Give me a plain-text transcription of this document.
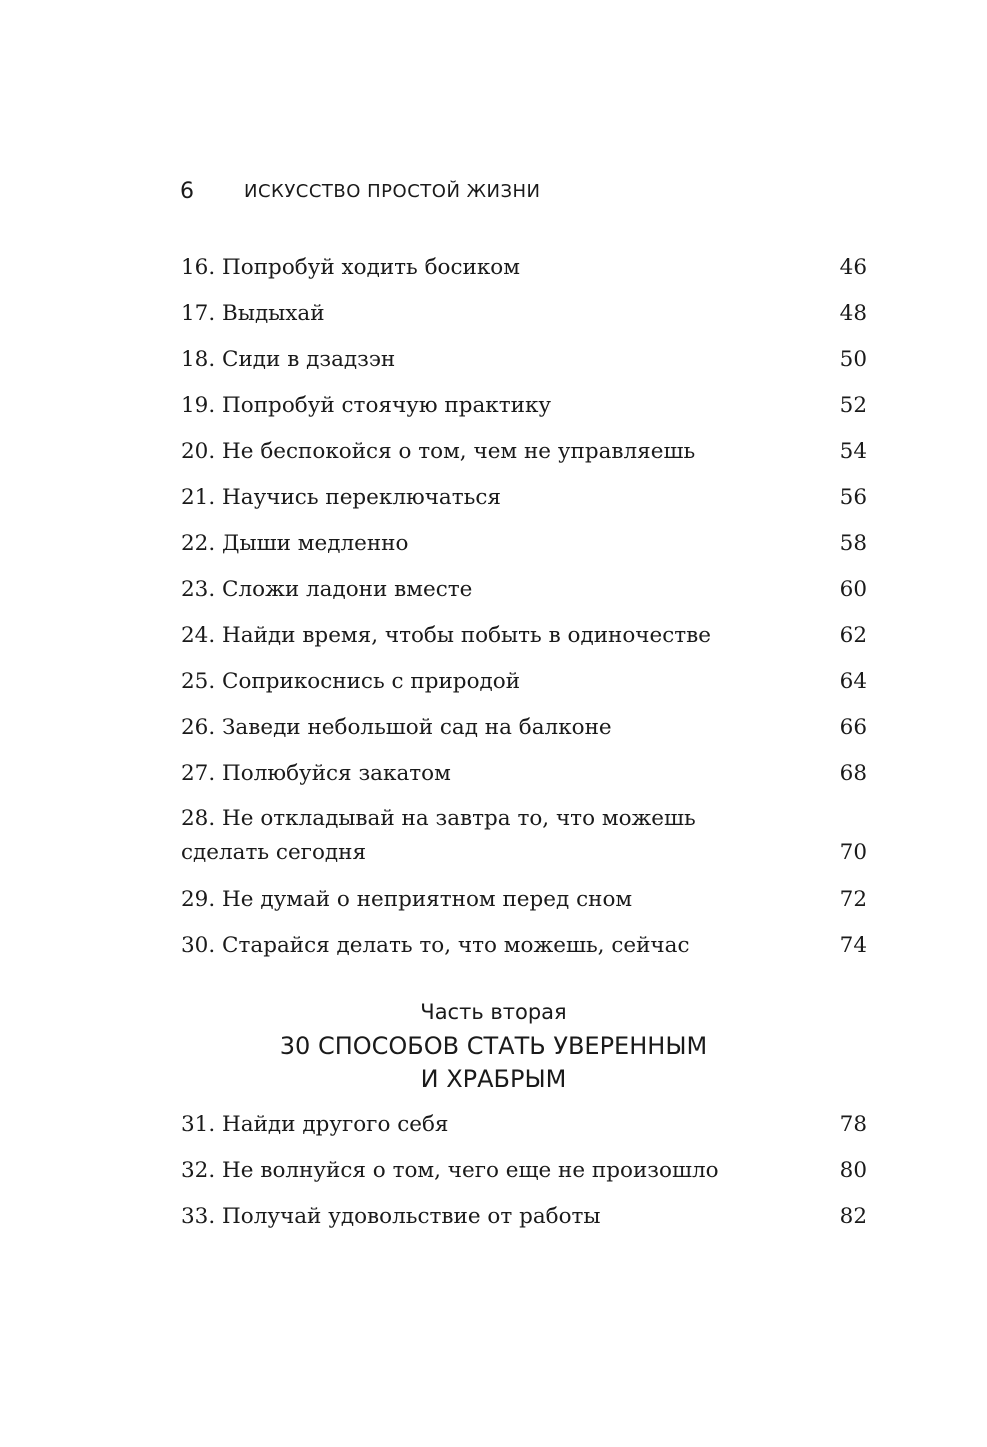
6	ИСКУССТВО ПРОСТОЙ ЖИЗНИ
16. Попробуй ходить босиком	46
17. Выдыхай	48
18. Сиди в дзадзэн	50
19. Попробуй стоячую практику	52
20. Не беспокойся о том, чем не управляешь	54
21. Научись переключаться	56
22. Дыши медленно	58
23. Сложи ладони вместе	60
24. Найди время, чтобы побыть в одиночестве	62
25. Соприкоснись с природой	64
26. Заведи небольшой сад на балконе	66
27. Полюбуйся закатом	68
28. Не откладывай на завтра то, что можешь
сделать сегодня	70
29. Не думай о неприятном перед сном	72
30. Старайся делать то, что можешь, сейчас	74
Часть вторая
30 СПОСОБОВ СТАТЬ УВЕРЕННЫМ
И ХРАБРЫМ
31. Найди другого себя	78
32. Не волнуйся о том, чего еще не произошло	80
33. Получай удовольствие от работы	82
